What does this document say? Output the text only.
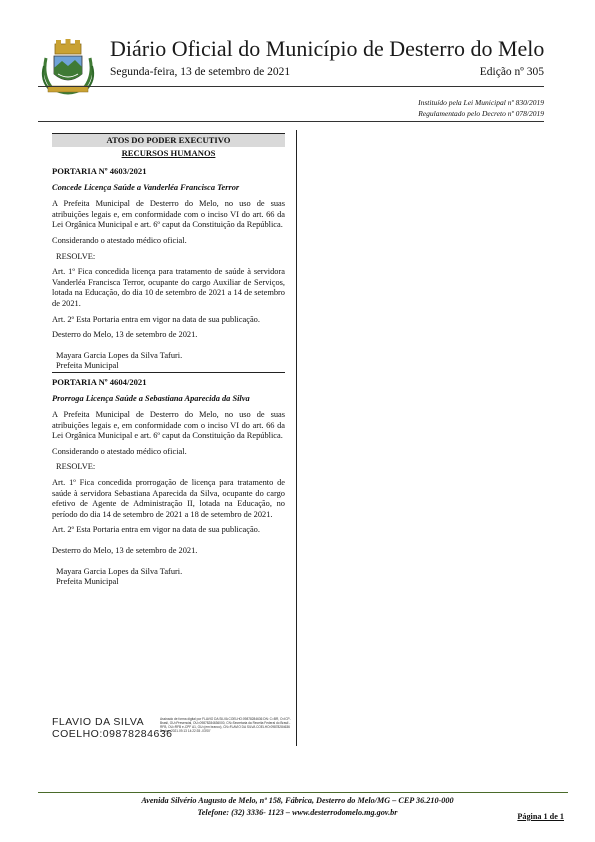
Diário Oficial do Município de Desterro do Melo
Segunda-feira, 13 de setembro de 2021	Edição nº 305
Instituído pela Lei Municipal nº 830/2019
Regulamentado pelo Decreto nº 078/2019
ATOS DO PODER EXECUTIVO
RECURSOS HUMANOS

PORTARIA Nº 4603/2021

Concede Licença Saúde a Vanderléa Francisca Terror

A Prefeita Municipal de Desterro do Melo, no uso de suas atribuições legais e, em conformidade com o inciso VI do art. 66 da Lei Orgânica Municipal e art. 6º caput da Constituição da República.

Considerando o atestado médico oficial.

RESOLVE:

Art. 1º Fica concedida licença para tratamento de saúde à servidora Vanderléa Francisca Terror, ocupante do cargo Auxiliar de Serviços, lotada na Educação, do dia 10 de setembro de 2021 a 14 de setembro de 2021.

Art. 2º Esta Portaria entra em vigor na data de sua publicação.

Desterro do Melo, 13 de setembro de 2021.

Mayara Garcia Lopes da Silva Tafuri.

Prefeita Municipal

PORTARIA Nº 4604/2021

Prorroga Licença Saúde a Sebastiana Aparecida da Silva

A Prefeita Municipal de Desterro do Melo, no uso de suas atribuições legais e, em conformidade com o inciso VI do art. 66 da Lei Orgânica Municipal e art. 6º caput da Constituição da República.

Considerando o atestado médico oficial.

RESOLVE:

Art. 1º Fica concedida prorrogação de licença para tratamento de saúde à servidora Sebastiana Aparecida da Silva, ocupante do cargo efetivo de Agente de Administração II, lotada na Educação, no período do dia 14 de setembro de 2021 a 18 de setembro de 2021.

Art. 2º Esta Portaria entra em vigor na data de sua publicação.

Desterro do Melo, 13 de setembro de 2021.

Mayara Garcia Lopes da Silva Tafuri.

Prefeita Municipal

FLAVIO DA SILVA
COELHO:09878284636
Assinado de forma digital por FLAVIO DA SILVA COELHO:09878284636 DN: C=BR, O=ICP-Brasil, OU=Presencial, OU=09878284636000, CN=Secretaria da Receita Federal do Brasil - RFB, OU=RFB e-CPF A1, OU=(em branco), CN=FLAVIO DA SILVA COELHO:09878284636 Dados: 2021.09.13 14:22:35 -03'00'
Avenida Silvério Augusto de Melo, nº 158, Fábrica, Desterro do Melo/MG – CEP 36.210-000
Telefone: (32) 3336- 1123 – www.desterrodomelo.mg.gov.br	Página 1 de 1
